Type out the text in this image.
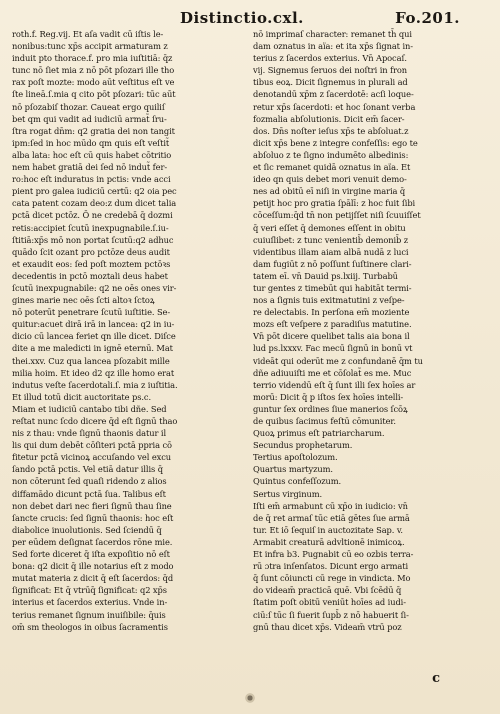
Distinctio.cxl.	Fo.201.
roth.f. Reg.vij. Et aſa vadit cū iſtis le-
nonibus:tunc xp̄s accipit armaturam z
induit pto thorace.f. pro mia iuſtitiā: q̄z
tunc nō ſiet mia z nō pōt pſozari ille tho
rax poſt mozte: modo aūt veſtitus eſt ve
ſte lineā.ſ.mia q cito pōt pſozari: tūc aūt
nō pſozabiſ thozar. Caueat ergo quiliſ
bet qm qui vadit ad iudiciū armat̃ ſru-
ſtra rogat dn̄m: q2 gratia dei non tangit
ipm:ſed in hoc mūdo qm quis eſt veſtit̃
alba lata: hoc eſt cū quis habet cōtritio
nem habet gratiā dei ſed nō indut̃ fer-
ro:hoc eſt induratus in pctis: vnde acci
pient pro galea iudiciū certū: q2 oia pec
cata patent cozam deo:z dum dicet talia
pctā dicet pctōz. Ō ne credebā q̄ dozmi
retis:accipiet ſcutū inexpugnabile.ſ.iu-
ſtitiā:xp̄s mō non portat ſcutū:q2 adhuc
quādo ſcit ozant pro pctōze deus audit
et exaudit eos: ſed poſt moztem pctōꝛs
decedentis in pctō moztali deus habet
ſcutū inexpugnabile: q2 ne oēs ones vir-
gines marie nec oēs ſcti altoꝛ ſctoꝝ
nō poterūt penetrare ſcutū iuſtitie. Se-
quitur:acuet dirā irā in lancea: q2 in iu-
dicio cū lancea feriet qn ille dicet. Diſce
dite a me maledicti in ignē eternū. Mat
thei.xxv. Cuz qua lancea pſozabit mille
milia hoim. Et ideo d2 qz ille homo erat
indutus veſte ſacerdotali.ſ. mia z iuſtitia.
Et illud totū dicit auctoritate ps.c.
Miam et iudiciū cantabo tibi dñe. Sed
reſtat nunc ſcdo dicere q̄d eſt ſignū thao
nis z thau: vnde ſignū thaonis datur il
lis qui dum debēt cōſiteri pctā ppria cō
fitetur pctā vicinoꝝ accuſando vel excu
ſando pctā pctis. Vel etiā datur illis q̄
non cōterunt ſed quaſi ridendo z alios
diffamādo dicunt pctā ſua. Talibus eſt
non debet dari nec fieri ſignū thau ſine
ſancte crucis: ſed ſignū thaonis: hoc eſt
diabolice inuolutionis. Sed ſciendū q̄
per eūdem deſignat ſacerdos rōne mie.
Sed forte diceret q̄ iſta expoſitio nō eſt
bona: q2 dicit q̄ ille notarius eſt z modo
mutat materia z dicit q̄ eſt ſacerdos: q̄d
ſignificat: Et q̄ vtrūq̄ ſignificat: q2 xp̄s
interius et ſacerdos exterius. Vnde in-
terius remanet ſignum inuiſibile: q̄uis
om̄ sm theologos in oibus ſacramentis
nō imprimaſ character: remanet th̄ qui
dam oznatus in aïa: et ita xp̄s ſignat in-
terius z ſacerdos exterius. Vn̄ Apocaſ.
vij. Signemus ſeruos dei noſtri in fron
tibus eoꝝ. Dicit ſignemus in plurali ad
denotandū xp̄m z ſacerdotē: acſi loque-
retur xp̄s ſacerdoti: et hoc ſonant verba
fozmalia abſolutionis. Dicit em̄ ſacer-
dos. Dn̄s noſter ieſus xp̄s te abſoluat.z
dicit xp̄s bene z integre confeſſis: ego te
abſoluo z te ſigno indumēto albedinis:
et ſic remanet quidā oznatus in aïa. Et
ideo qn quis debet mori venuit demo-
nes ad obitū eī niſi in virgine maria q̄
petijt hoc pro gratia ſpālī: z hoc fuit ſibi
cōceſſum:q̄d tn̄ non petijſſet niſi ſcuuiſſet
q̄ veri eſſet q̄ demones eſſent in obitu
cuiuſlibet: z tunc venientib̄ demonib̄ z
videntibus illam aiam albā nudā z luci
dam fugiūt z nō poſſunt ſuſtinere clari-
tatem eī. vn̄ Dauid ps.lxiij. Turbabū
tur gentes z timebūt qui habitāt termi-
nos a ſignis tuis exitmatutini z veſpe-
re delectabis. In perſona em̄ moziente
mozs eſt veſpere z paradiſus matutine.
Vn̄ pōt dicere quelibet talis aia bona il
lud ps.lxxxv. Fac mecū ſignū in bonū vt
videāt qui oderūt me z confundanē q̄m tu
dñe adiuuiſti me et cōſolat̃ es me. Muc
terrio videndū eſt q̄ ſunt illi ſex hoīes ar
morū: Dicit q̄ p iſtos ſex hoīes intelli-
guntur ſex ordines ſiue manerios ſcōꝝ
de quibus ſacimus feſtū cōmuniter.
Quoꝝ primus eſt patriarcharum.
Secundus prophetarum.
Tertius apoſtolozum.
Quartus martyzum.
Quintus confeſſozum.
Sertus virginum.
Iſti em̄ armabunt cū xp̄o in iudicio: vn̄
de q̄ ret armaſ tūc etiā gētes ſue armā
tur. Et iō ſequiſ in auctozitate Sap. v.
Armabit creaturā advltionē inimicoꝝ.
Et infra b3. Pugnabit cū eo ozbis terra-
rū ɔtra inſenſatos. Dicunt ergo armati
q̄ ſunt cōiuncti cū rege in vindicta. Mo
do videam̄ practicā quē. Vbi ſcēdū q̄
ſtatim poſt obitū veniūt hoīes ad iudi-
ciū:ſ tūc ſi fuerit ſupb̄ z nō habuerit ſi-
gnū thau dicet xp̄s. Videam̄ vtrū poz
c
